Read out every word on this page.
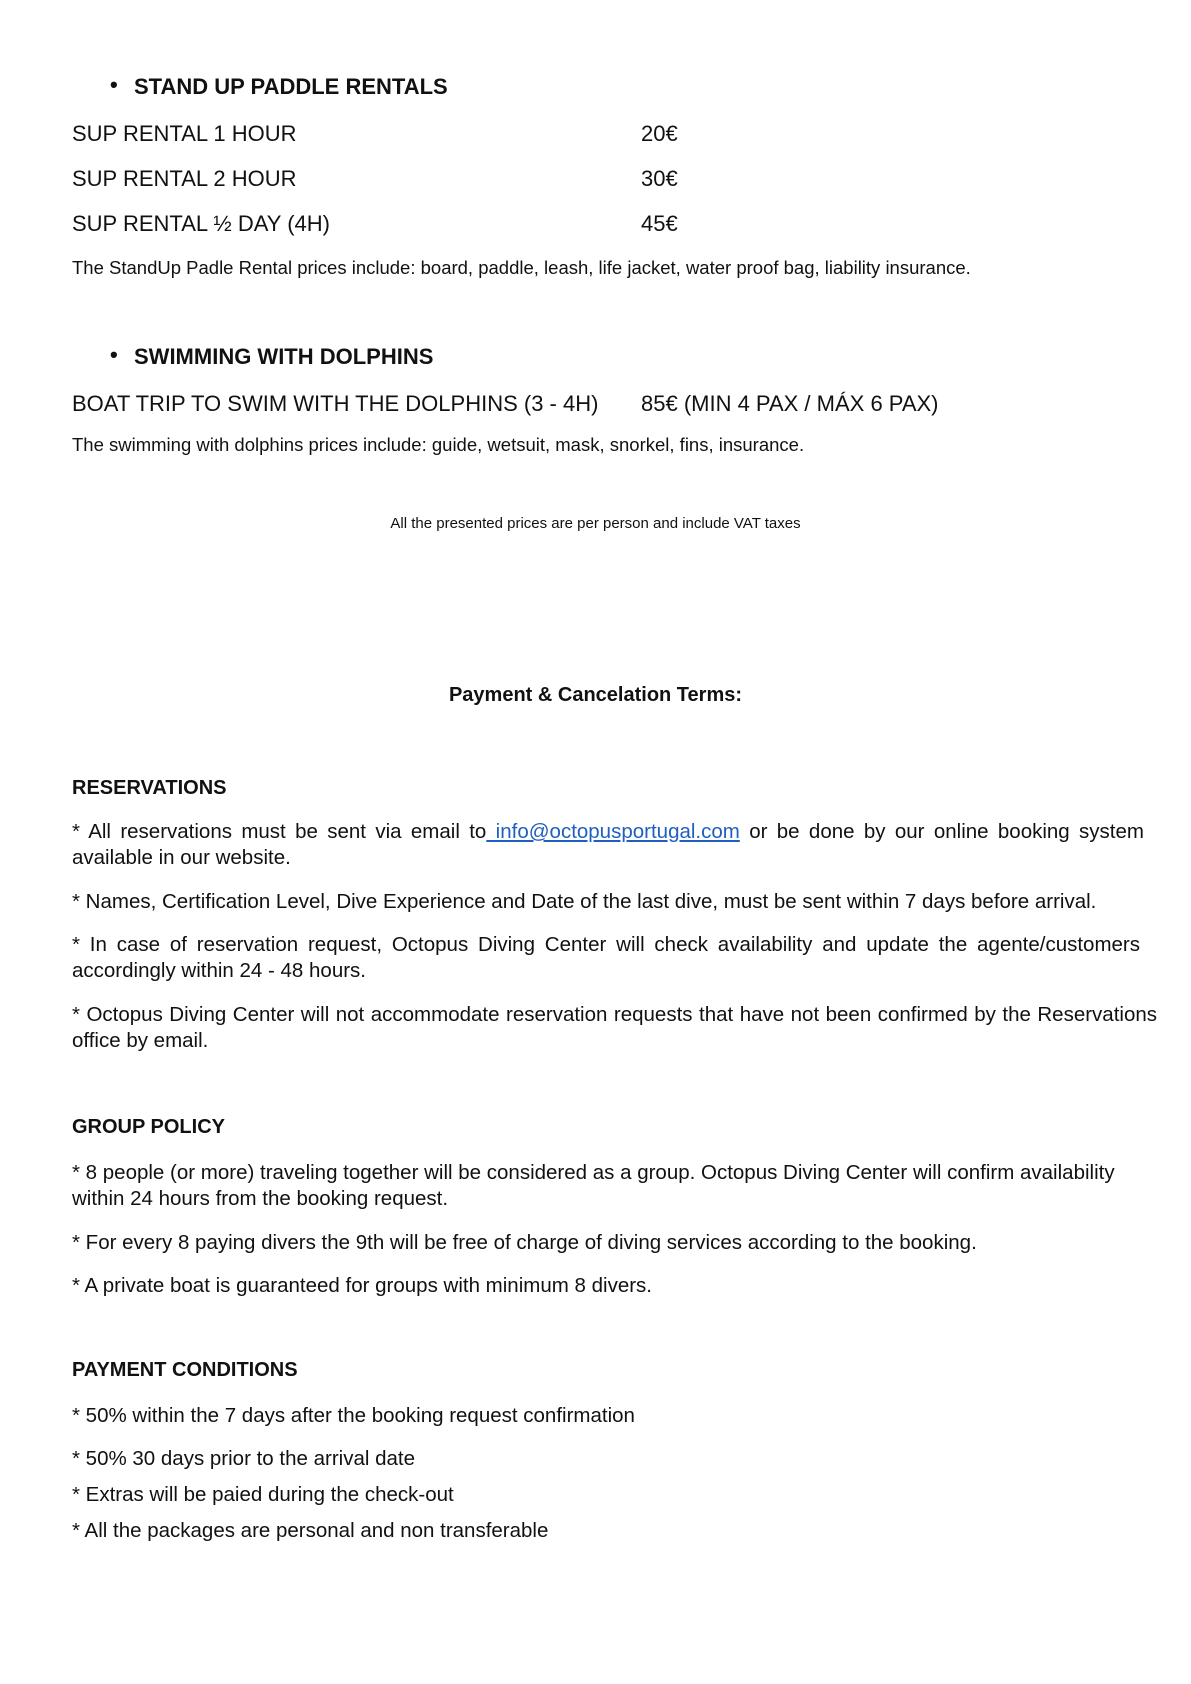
• STAND UP PADDLE RENTALS
SUP RENTAL 1 HOUR	20€
SUP RENTAL 2 HOUR	30€
SUP RENTAL ½ DAY (4H)	45€
The StandUp Padle Rental prices include: board, paddle, leash, life jacket, water proof bag, liability insurance.
• SWIMMING WITH DOLPHINS
BOAT TRIP TO SWIM WITH THE DOLPHINS (3 - 4H) 85€ (MIN 4 PAX / MÁX 6 PAX)
The swimming with dolphins prices include: guide, wetsuit, mask, snorkel, fins, insurance.
All the presented prices are per person and include VAT taxes
Payment & Cancelation Terms:
RESERVATIONS
* All reservations must be sent via email to info@octopusportugal.com or be done by our online booking system available in our website.
* Names, Certification Level, Dive Experience and Date of the last dive, must be sent within 7 days before arrival.
* In case of reservation request, Octopus Diving Center will check availability and update the agente/customers accordingly within 24 - 48 hours.
* Octopus Diving Center will not accommodate reservation requests that have not been confirmed by the Reservations office by email.
GROUP POLICY
* 8 people (or more) traveling together will be considered as a group. Octopus Diving Center will confirm availability within 24 hours from the booking request.
* For every 8 paying divers the 9th will be free of charge of diving services according to the booking.
* A private boat is guaranteed for groups with minimum 8 divers.
PAYMENT CONDITIONS
* 50% within the 7 days after the booking request confirmation
* 50% 30 days prior to the arrival date
* Extras will be paied during the check-out
* All the packages are personal and non transferable
